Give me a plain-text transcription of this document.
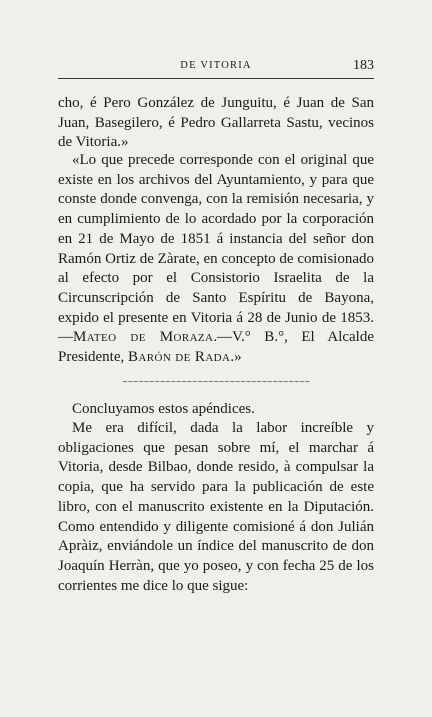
DE VITORIA	183

cho, é Pero González de Junguitu, é Juan de San Juan, Basegilero, é Pedro Gallarreta Sastu, vecinos de Vitoria.»

«Lo que precede corresponde con el original que existe en los archivos del Ayuntamiento, y para que conste donde convenga, con la remisión necesaria, y en cumplimiento de lo acordado por la corporación en 21 de Mayo de 1851 á instancia del señor don Ramón Ortiz de Zàrate, en concepto de comisionado al efecto por el Consistorio Israelita de la Circunscripción de Santo Espíritu de Bayona, expido el presente en Vitoria á 28 de Junio de 1853.—Mateo de Moraza.—V.° B.°, El Alcalde Presidente, Barón de Rada.»

~~~~~~~~~~~~~~~~~~~~~~~~~~~~~~~~~~~

Concluyamos estos apéndices.

Me era difícil, dada la labor increíble y obligaciones que pesan sobre mí, el marchar á Vitoria, desde Bilbao, donde resido, à compulsar la copia, que ha servido para la publicación de este libro, con el manuscrito existente en la Diputación. Como entendido y diligente comisioné á don Julián Apràiz, enviándole un índice del manuscrito de don Joaquín Herràn, que yo poseo, y con fecha 25 de los corrientes me dice lo que sigue:
